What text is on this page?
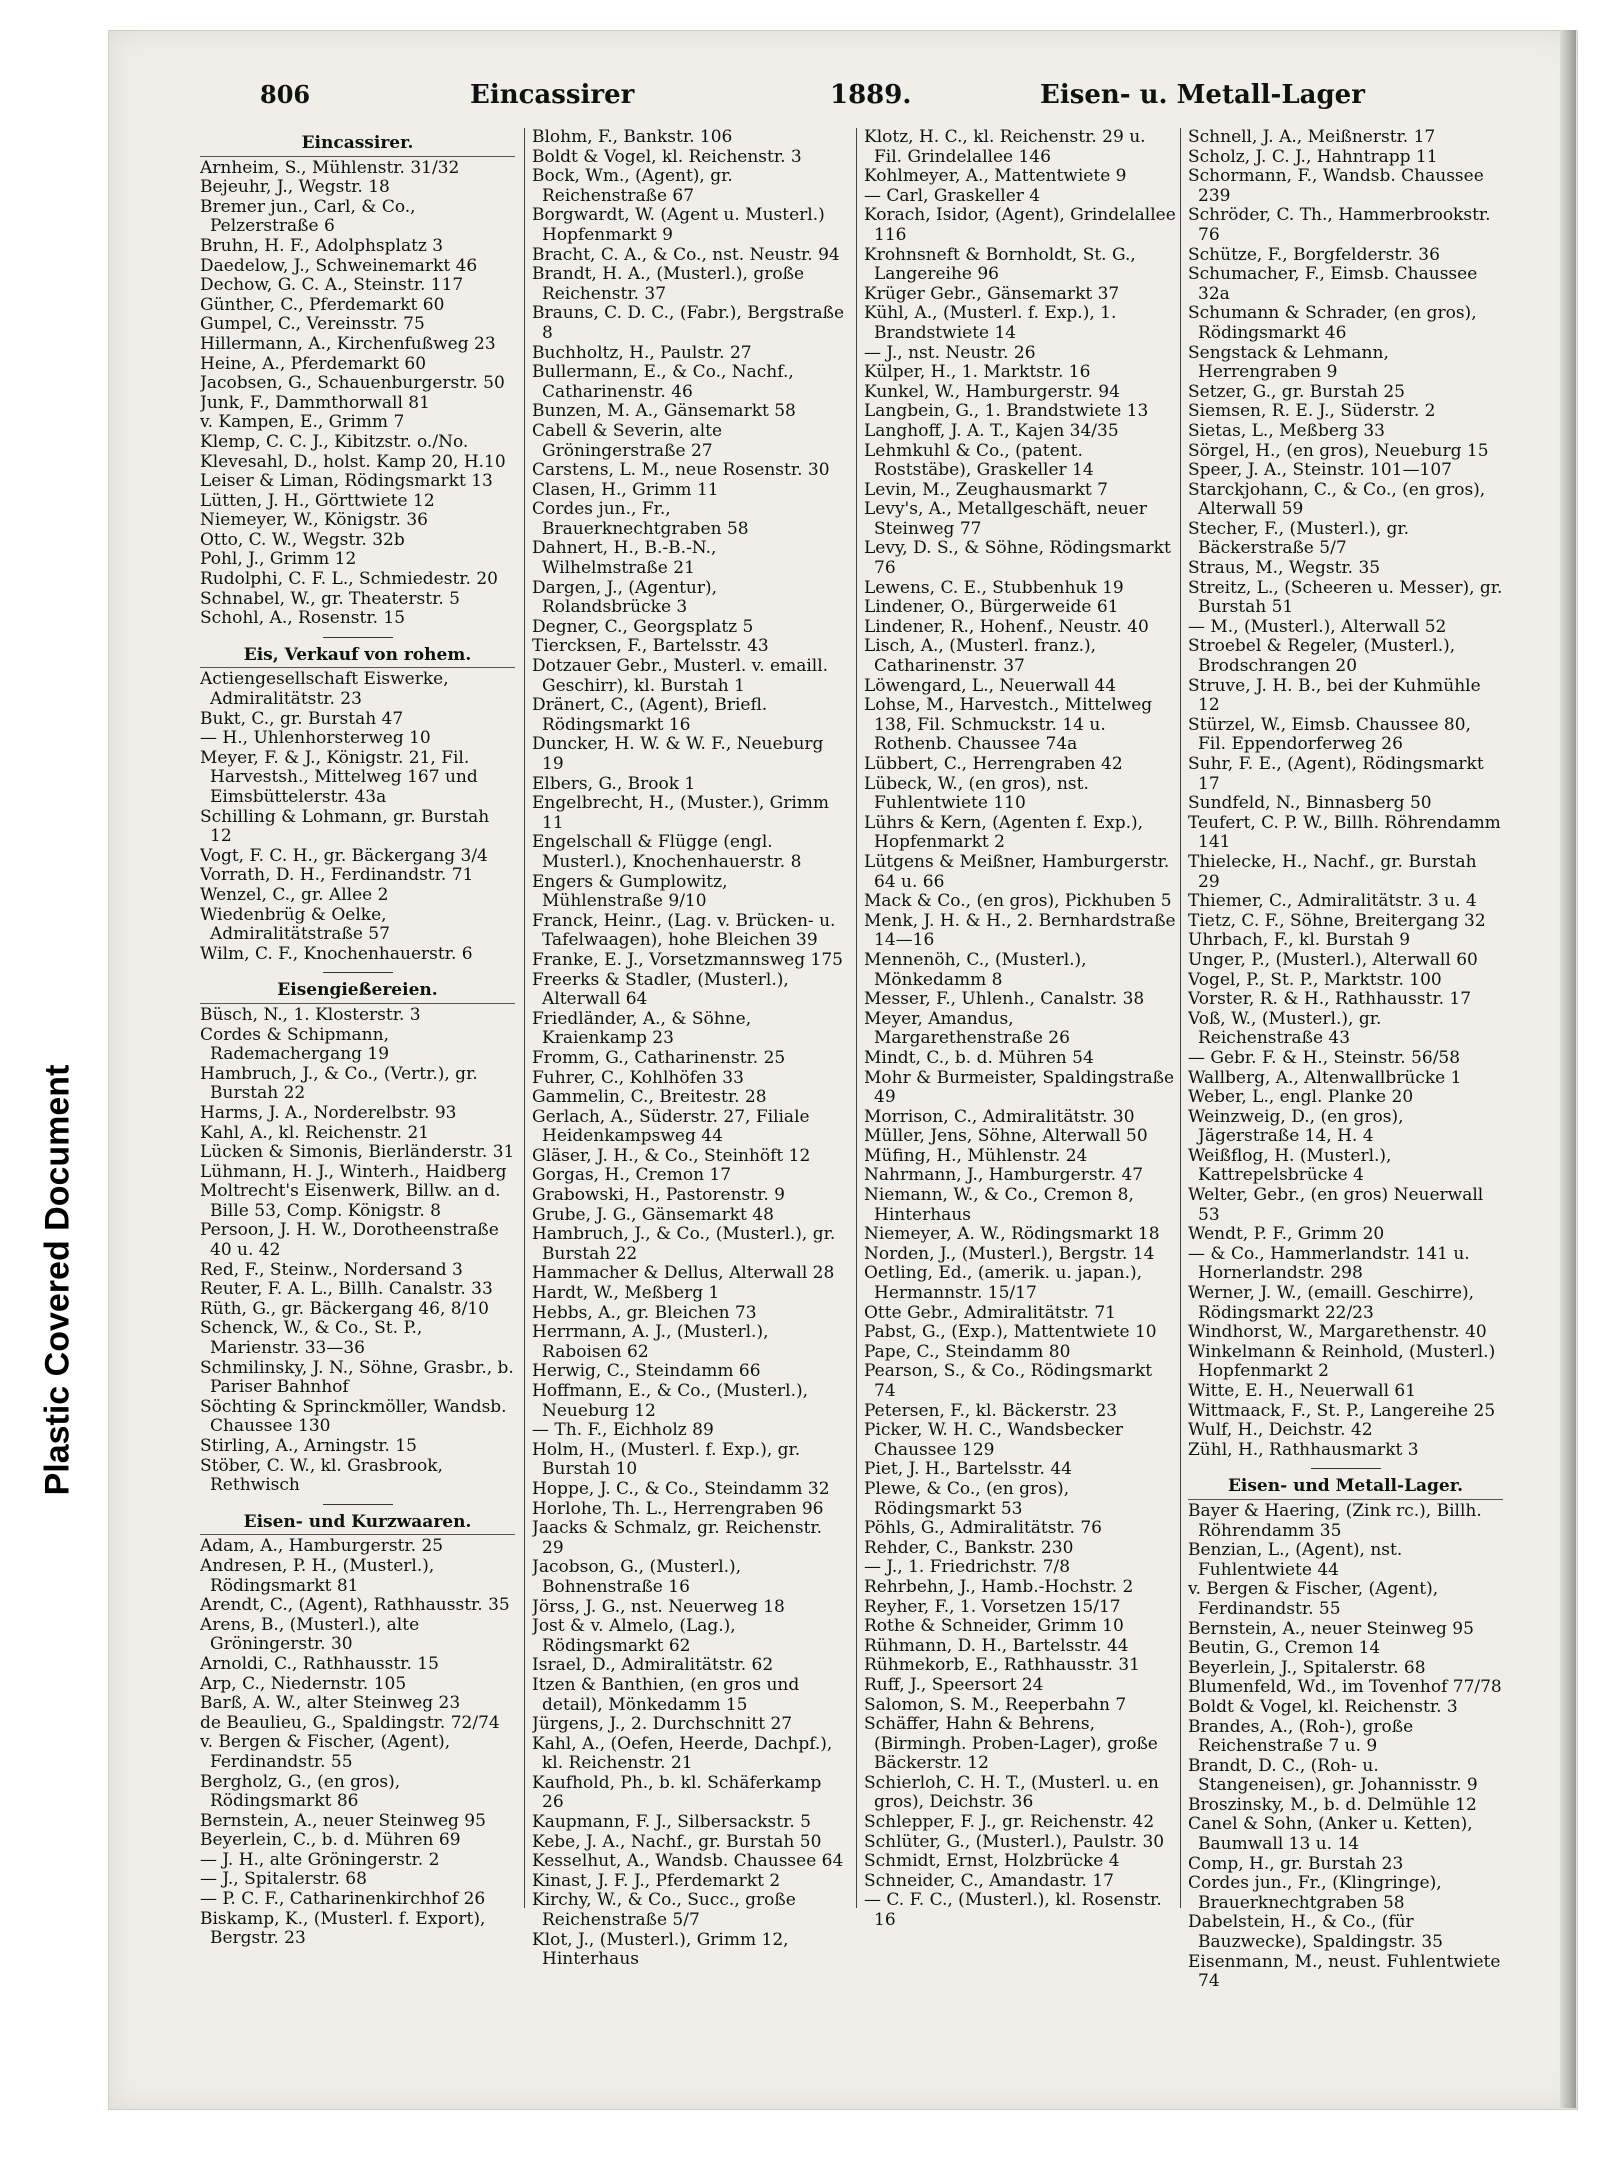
Plastic Covered Document
806	Eincassirer	1889.	Eisen- u. Metall-Lager
Eincassirer.
Arnheim, S., Mühlenstr. 31/32
Bejeuhr, J., Wegstr. 18
Bremer jun., Carl, & Co., Pelzerstraße 6
Bruhn, H. F., Adolphsplatz 3
Daedelow, J., Schweinemarkt 46
Dechow, G. C. A., Steinstr. 117
Günther, C., Pferdemarkt 60
Gumpel, C., Vereinsstr. 75
Hillermann, A., Kirchenfußweg 23
Heine, A., Pferdemarkt 60
Jacobsen, G., Schauenburgerstr. 50
Junk, F., Dammthorwall 81
v. Kampen, E., Grimm 7
Klemp, C. C. J., Kibitzstr. o./No.
Klevesahl, D., holst. Kamp 20, H.10
Leiser & Liman, Rödingsmarkt 13
Lütten, J. H., Görttwiete 12
Niemeyer, W., Königstr. 36
Otto, C. W., Wegstr. 32b
Pohl, J., Grimm 12
Rudolphi, C. F. L., Schmiedestr. 20
Schnabel, W., gr. Theaterstr. 5
Schohl, A., Rosenstr. 15
Eis, Verkauf von rohem.
Actiengesellschaft Eiswerke, Admiralitätstr. 23
Bukt, C., gr. Burstah 47
— H., Uhlenhorsterweg 10
Meyer, F. & J., Königstr. 21, Fil. Harvestsh., Mittelweg 167 und Eimsbüttelerstr. 43a
Schilling & Lohmann, gr. Burstah 12
Vogt, F. C. H., gr. Bäckergang 3/4
Vorrath, D. H., Ferdinandstr. 71
Wenzel, C., gr. Allee 2
Wiedenbrüg & Oelke, Admiralitätstraße 57
Wilm, C. F., Knochenhauerstr. 6
Eisengießereien.
Büsch, N., 1. Klosterstr. 3
Cordes & Schipmann, Rademachergang 19
Hambruch, J., & Co., (Vertr.), gr. Burstah 22
Harms, J. A., Norderelbstr. 93
Kahl, A., kl. Reichenstr. 21
Lücken & Simonis, Bierländerstr. 31
Lühmann, H. J., Winterh., Haidberg
Moltrecht's Eisenwerk, Billw. an d. Bille 53, Comp. Königstr. 8
Persoon, J. H. W., Dorotheenstraße 40 u. 42
Red, F., Steinw., Nordersand 3
Reuter, F. A. L., Billh. Canalstr. 33
Rüth, G., gr. Bäckergang 46, 8/10
Schenck, W., & Co., St. P., Marienstr. 33—36
Schmilinsky, J. N., Söhne, Grasbr., b. Pariser Bahnhof
Söchting & Sprinckmöller, Wandsb. Chaussee 130
Stirling, A., Arningstr. 15
Stöber, C. W., kl. Grasbrook, Rethwisch
Eisen- und Kurzwaaren.
Adam, A., Hamburgerstr. 25
Andresen, P. H., (Musterl.), Rödingsmarkt 81
Arendt, C., (Agent), Rathhausstr. 35
Arens, B., (Musterl.), alte Gröningerstr. 30
Arnoldi, C., Rathhausstr. 15
Arp, C., Niedernstr. 105
Barß, A. W., alter Steinweg 23
de Beaulieu, G., Spaldingstr. 72/74
v. Bergen & Fischer, (Agent), Ferdinandstr. 55
Bergholz, G., (en gros), Rödingsmarkt 86
Bernstein, A., neuer Steinweg 95
Beyerlein, C., b. d. Mühren 69
— J. H., alte Gröningerstr. 2
— J., Spitalerstr. 68
— P. C. F., Catharinenkirchhof 26
Biskamp, K., (Musterl. f. Export), Bergstr. 23
Blohm, F., Bankstr. 106
Boldt & Vogel, kl. Reichenstr. 3
Bock, Wm., (Agent), gr. Reichenstraße 67
Borgwardt, W. (Agent u. Musterl.) Hopfenmarkt 9
Bracht, C. A., & Co., nst. Neustr. 94
Brandt, H. A., (Musterl.), große Reichenstr. 37
Brauns, C. D. C., (Fabr.), Bergstraße 8
Buchholtz, H., Paulstr. 27
Bullermann, E., & Co., Nachf., Catharinenstr. 46
Bunzen, M. A., Gänsemarkt 58
Cabell & Severin, alte Gröningerstraße 27
Carstens, L. M., neue Rosenstr. 30
Clasen, H., Grimm 11
Cordes jun., Fr., Brauerknechtgraben 58
Dahnert, H., B.-B.-N., Wilhelmstraße 21
Dargen, J., (Agentur), Rolandsbrücke 3
Degner, C., Georgsplatz 5
Tiercksen, F., Bartelsstr. 43
Dotzauer Gebr., Musterl. v. emaill. Geschirr), kl. Burstah 1
Dränert, C., (Agent), Briefl. Rödingsmarkt 16
Duncker, H. W. & W. F., Neueburg 19
Elbers, G., Brook 1
Engelbrecht, H., (Muster.), Grimm 11
Engelschall & Flügge (engl. Musterl.), Knochenhauerstr. 8
Engers & Gumplowitz, Mühlenstraße 9/10
Franck, Heinr., (Lag. v. Brücken- u. Tafelwaagen), hohe Bleichen 39
Franke, E. J., Vorsetzmannsweg 175
Freerks & Stadler, (Musterl.), Alterwall 64
Friedländer, A., & Söhne, Kraienkamp 23
Fromm, G., Catharinenstr. 25
Fuhrer, C., Kohlhöfen 33
Gammelin, C., Breitestr. 28
Gerlach, A., Süderstr. 27, Filiale Heidenkampsweg 44
Gläser, J. H., & Co., Steinhöft 12
Gorgas, H., Cremon 17
Grabowski, H., Pastorenstr. 9
Grube, J. G., Gänsemarkt 48
Hambruch, J., & Co., (Musterl.), gr. Burstah 22
Hammacher & Dellus, Alterwall 28
Hardt, W., Meßberg 1
Hebbs, A., gr. Bleichen 73
Herrmann, A. J., (Musterl.), Raboisen 62
Herwig, C., Steindamm 66
Hoffmann, E., & Co., (Musterl.), Neueburg 12
— Th. F., Eichholz 89
Holm, H., (Musterl. f. Exp.), gr. Burstah 10
Hoppe, J. C., & Co., Steindamm 32
Horlohe, Th. L., Herrengraben 96
Jaacks & Schmalz, gr. Reichenstr. 29
Jacobson, G., (Musterl.), Bohnenstraße 16
Jörss, J. G., nst. Neuerweg 18
Jost & v. Almelo, (Lag.), Rödingsmarkt 62
Israel, D., Admiralitätstr. 62
Itzen & Banthien, (en gros und detail), Mönkedamm 15
Jürgens, J., 2. Durchschnitt 27
Kahl, A., (Oefen, Heerde, Dachpf.), kl. Reichenstr. 21
Kaufhold, Ph., b. kl. Schäferkamp 26
Kaupmann, F. J., Silbersackstr. 5
Kebe, J. A., Nachf., gr. Burstah 50
Kesselhut, A., Wandsb. Chaussee 64
Kinast, J. F. J., Pferdemarkt 2
Kirchy, W., & Co., Succ., große Reichenstraße 5/7
Klot, J., (Musterl.), Grimm 12, Hinterhaus
Klotz, H. C., kl. Reichenstr. 29 u. Fil. Grindelallee 146
Kohlmeyer, A., Mattentwiete 9
— Carl, Graskeller 4
Korach, Isidor, (Agent), Grindelallee 116
Krohnsneft & Bornholdt, St. G., Langereihe 96
Krüger Gebr., Gänsemarkt 37
Kühl, A., (Musterl. f. Exp.), 1. Brandstwiete 14
— J., nst. Neustr. 26
Külper, H., 1. Marktstr. 16
Kunkel, W., Hamburgerstr. 94
Langbein, G., 1. Brandstwiete 13
Langhoff, J. A. T., Kajen 34/35
Lehmkuhl & Co., (patent. Roststäbe), Graskeller 14
Levin, M., Zeughausmarkt 7
Levy's, A., Metallgeschäft, neuer Steinweg 77
Levy, D. S., & Söhne, Rödingsmarkt 76
Lewens, C. E., Stubbenhuk 19
Lindener, O., Bürgerweide 61
Lindener, R., Hohenf., Neustr. 40
Lisch, A., (Musterl. franz.), Catharinenstr. 37
Löwengard, L., Neuerwall 44
Lohse, M., Harvestch., Mittelweg 138, Fil. Schmuckstr. 14 u. Rothenb. Chaussee 74a
Lübbert, C., Herrengraben 42
Lübeck, W., (en gros), nst. Fuhlentwiete 110
Lührs & Kern, (Agenten f. Exp.), Hopfenmarkt 2
Lütgens & Meißner, Hamburgerstr. 64 u. 66
Mack & Co., (en gros), Pickhuben 5
Menk, J. H. & H., 2. Bernhardstraße 14—16
Mennenöh, C., (Musterl.), Mönkedamm 8
Messer, F., Uhlenh., Canalstr. 38
Meyer, Amandus, Margarethenstraße 26
Mindt, C., b. d. Mühren 54
Mohr & Burmeister, Spaldingstraße 49
Morrison, C., Admiralitätstr. 30
Müller, Jens, Söhne, Alterwall 50
Müfing, H., Mühlenstr. 24
Nahrmann, J., Hamburgerstr. 47
Niemann, W., & Co., Cremon 8, Hinterhaus
Niemeyer, A. W., Rödingsmarkt 18
Norden, J., (Musterl.), Bergstr. 14
Oetling, Ed., (amerik. u. japan.), Hermannstr. 15/17
Otte Gebr., Admiralitätstr. 71
Pabst, G., (Exp.), Mattentwiete 10
Pape, C., Steindamm 80
Pearson, S., & Co., Rödingsmarkt 74
Petersen, F., kl. Bäckerstr. 23
Picker, W. H. C., Wandsbecker Chaussee 129
Piet, J. H., Bartelsstr. 44
Plewe, & Co., (en gros), Rödingsmarkt 53
Pöhls, G., Admiralitätstr. 76
Rehder, C., Bankstr. 230
— J., 1. Friedrichstr. 7/8
Rehrbehn, J., Hamb.-Hochstr. 2
Reyher, F., 1. Vorsetzen 15/17
Rothe & Schneider, Grimm 10
Rühmann, D. H., Bartelsstr. 44
Rühmekorb, E., Rathhausstr. 31
Ruff, J., Speersort 24
Salomon, S. M., Reeperbahn 7
Schäffer, Hahn & Behrens, (Birmingh. Proben-Lager), große Bäckerstr. 12
Schierloh, C. H. T., (Musterl. u. en gros), Deichstr. 36
Schlepper, F. J., gr. Reichenstr. 42
Schlüter, G., (Musterl.), Paulstr. 30
Schmidt, Ernst, Holzbrücke 4
Schneider, C., Amandastr. 17
— C. F. C., (Musterl.), kl. Rosenstr. 16
Schnell, J. A., Meißnerstr. 17
Scholz, J. C. J., Hahntrapp 11
Schormann, F., Wandsb. Chaussee 239
Schröder, C. Th., Hammerbrookstr. 76
Schütze, F., Borgfelderstr. 36
Schumacher, F., Eimsb. Chaussee 32a
Schumann & Schrader, (en gros), Rödingsmarkt 46
Sengstack & Lehmann, Herrengraben 9
Setzer, G., gr. Burstah 25
Siemsen, R. E. J., Süderstr. 2
Sietas, L., Meßberg 33
Sörgel, H., (en gros), Neueburg 15
Speer, J. A., Steinstr. 101—107
Starckjohann, C., & Co., (en gros), Alterwall 59
Stecher, F., (Musterl.), gr. Bäckerstraße 5/7
Straus, M., Wegstr. 35
Streitz, L., (Scheeren u. Messer), gr. Burstah 51
— M., (Musterl.), Alterwall 52
Stroebel & Regeler, (Musterl.), Brodschrangen 20
Struve, J. H. B., bei der Kuhmühle 12
Stürzel, W., Eimsb. Chaussee 80, Fil. Eppendorferweg 26
Suhr, F. E., (Agent), Rödingsmarkt 17
Sundfeld, N., Binnasberg 50
Teufert, C. P. W., Billh. Röhrendamm 141
Thielecke, H., Nachf., gr. Burstah 29
Thiemer, C., Admiralitätstr. 3 u. 4
Tietz, C. F., Söhne, Breitergang 32
Uhrbach, F., kl. Burstah 9
Unger, P., (Musterl.), Alterwall 60
Vogel, P., St. P., Marktstr. 100
Vorster, R. & H., Rathhausstr. 17
Voß, W., (Musterl.), gr. Reichenstraße 43
— Gebr. F. & H., Steinstr. 56/58
Wallberg, A., Altenwallbrücke 1
Weber, L., engl. Planke 20
Weinzweig, D., (en gros), Jägerstraße 14, H. 4
Weißflog, H. (Musterl.), Kattrepelsbrücke 4
Welter, Gebr., (en gros) Neuerwall 53
Wendt, P. F., Grimm 20
— & Co., Hammerlandstr. 141 u. Hornerlandstr. 298
Werner, J. W., (emaill. Geschirre), Rödingsmarkt 22/23
Windhorst, W., Margarethenstr. 40
Winkelmann & Reinhold, (Musterl.) Hopfenmarkt 2
Witte, E. H., Neuerwall 61
Wittmaack, F., St. P., Langereihe 25
Wulf, H., Deichstr. 42
Zühl, H., Rathhausmarkt 3
Eisen- und Metall-Lager.
Bayer & Haering, (Zink rc.), Billh. Röhrendamm 35
Benzian, L., (Agent), nst. Fuhlentwiete 44
v. Bergen & Fischer, (Agent), Ferdinandstr. 55
Bernstein, A., neuer Steinweg 95
Beutin, G., Cremon 14
Beyerlein, J., Spitalerstr. 68
Blumenfeld, Wd., im Tovenhof 77/78
Boldt & Vogel, kl. Reichenstr. 3
Brandes, A., (Roh-), große Reichenstraße 7 u. 9
Brandt, D. C., (Roh- u. Stangeneisen), gr. Johannisstr. 9
Broszinsky, M., b. d. Delmühle 12
Canel & Sohn, (Anker u. Ketten), Baumwall 13 u. 14
Comp, H., gr. Burstah 23
Cordes jun., Fr., (Klingringe), Brauerknechtgraben 58
Dabelstein, H., & Co., (für Bauzwecke), Spaldingstr. 35
Eisenmann, M., neust. Fuhlentwiete 74
